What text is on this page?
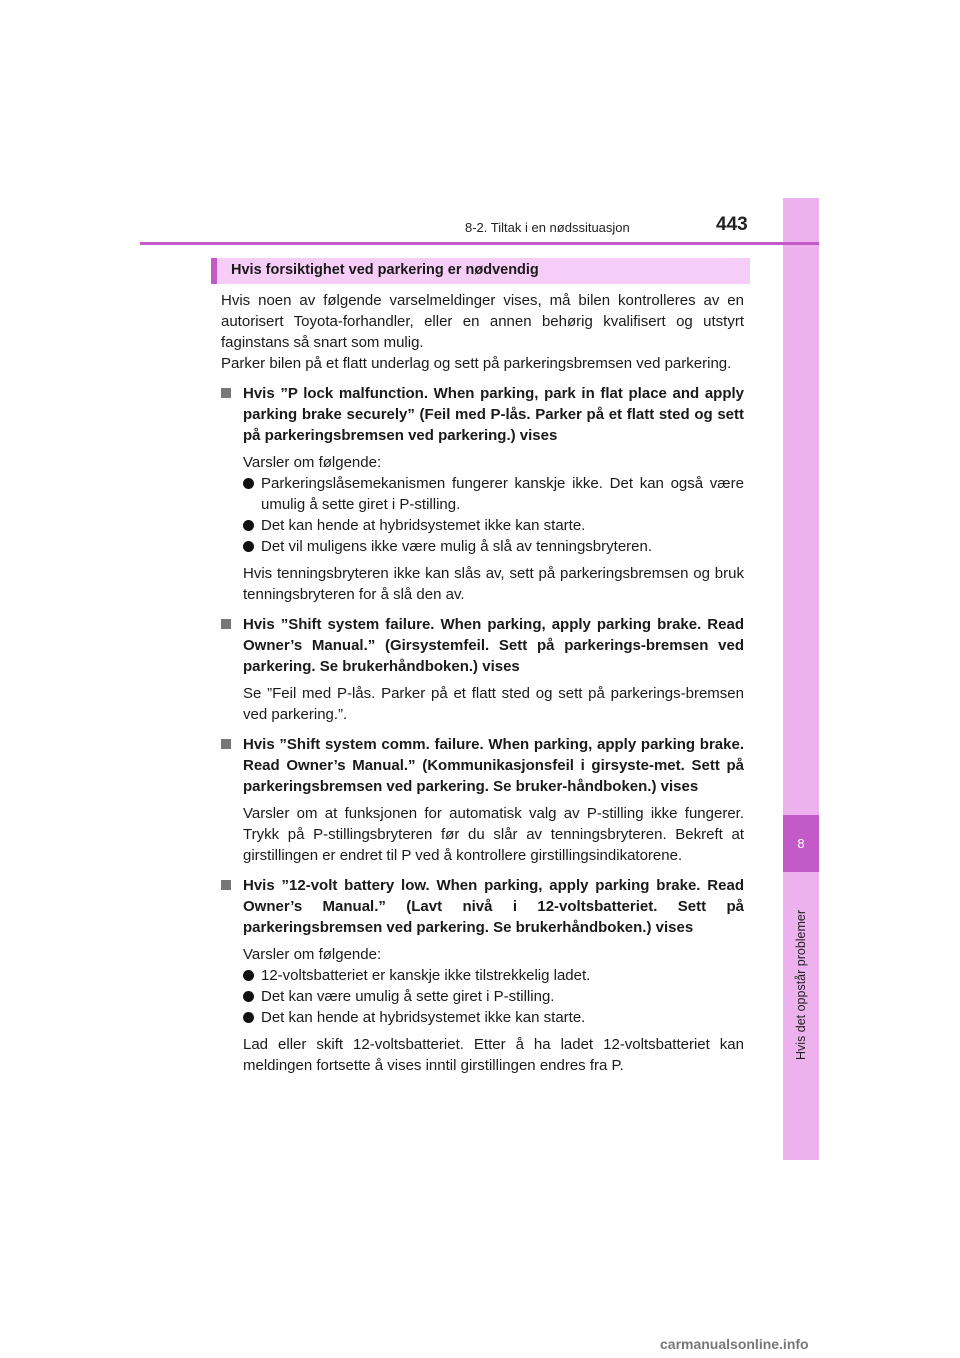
8
Hvis det oppstår problemer
8-2. Tiltak i en nødssituasjon	443
Hvis forsiktighet ved parkering er nødvendig

Hvis noen av følgende varselmeldinger vises, må bilen kontrolleres av en autorisert Toyota-forhandler, eller en annen behørig kvalifisert og utstyrt faginstans så snart som mulig.

Parker bilen på et flatt underlag og sett på parkeringsbremsen ved parkering.

Hvis ”P lock malfunction. When parking, park in flat place and apply parking brake securely” (Feil med P-lås. Parker på et flatt sted og sett på parkeringsbremsen ved parkering.) vises

Varsler om følgende:

Parkeringslåsemekanismen fungerer kanskje ikke. Det kan også være umulig å sette giret i P-stilling.

Det kan hende at hybridsystemet ikke kan starte.

Det vil muligens ikke være mulig å slå av tenningsbryteren.

Hvis tenningsbryteren ikke kan slås av, sett på parkeringsbremsen og bruk tenningsbryteren for å slå den av.

Hvis ”Shift system failure. When parking, apply parking brake. Read Owner’s Manual.” (Girsystemfeil. Sett på parkerings-bremsen ved parkering. Se brukerhåndboken.) vises

Se ”Feil med P-lås. Parker på et flatt sted og sett på parkerings-bremsen ved parkering.”.

Hvis ”Shift system comm. failure. When parking, apply parking brake. Read Owner’s Manual.” (Kommunikasjonsfeil i girsyste-met. Sett på parkeringsbremsen ved parkering. Se bruker-håndboken.) vises

Varsler om at funksjonen for automatisk valg av P-stilling ikke fungerer. Trykk på P-stillingsbryteren før du slår av tenningsbryteren. Bekreft at girstillingen er endret til P ved å kontrollere girstillingsindikatorene.

Hvis ”12-volt battery low. When parking, apply parking brake. Read Owner’s Manual.” (Lavt nivå i 12-voltsbatteriet. Sett på parkeringsbremsen ved parkering. Se brukerhåndboken.) vises

Varsler om følgende:

12-voltsbatteriet er kanskje ikke tilstrekkelig ladet.

Det kan være umulig å sette giret i P-stilling.

Det kan hende at hybridsystemet ikke kan starte.

Lad eller skift 12-voltsbatteriet. Etter å ha ladet 12-voltsbatteriet kan meldingen fortsette å vises inntil girstillingen endres fra P.

carmanualsonline.info
